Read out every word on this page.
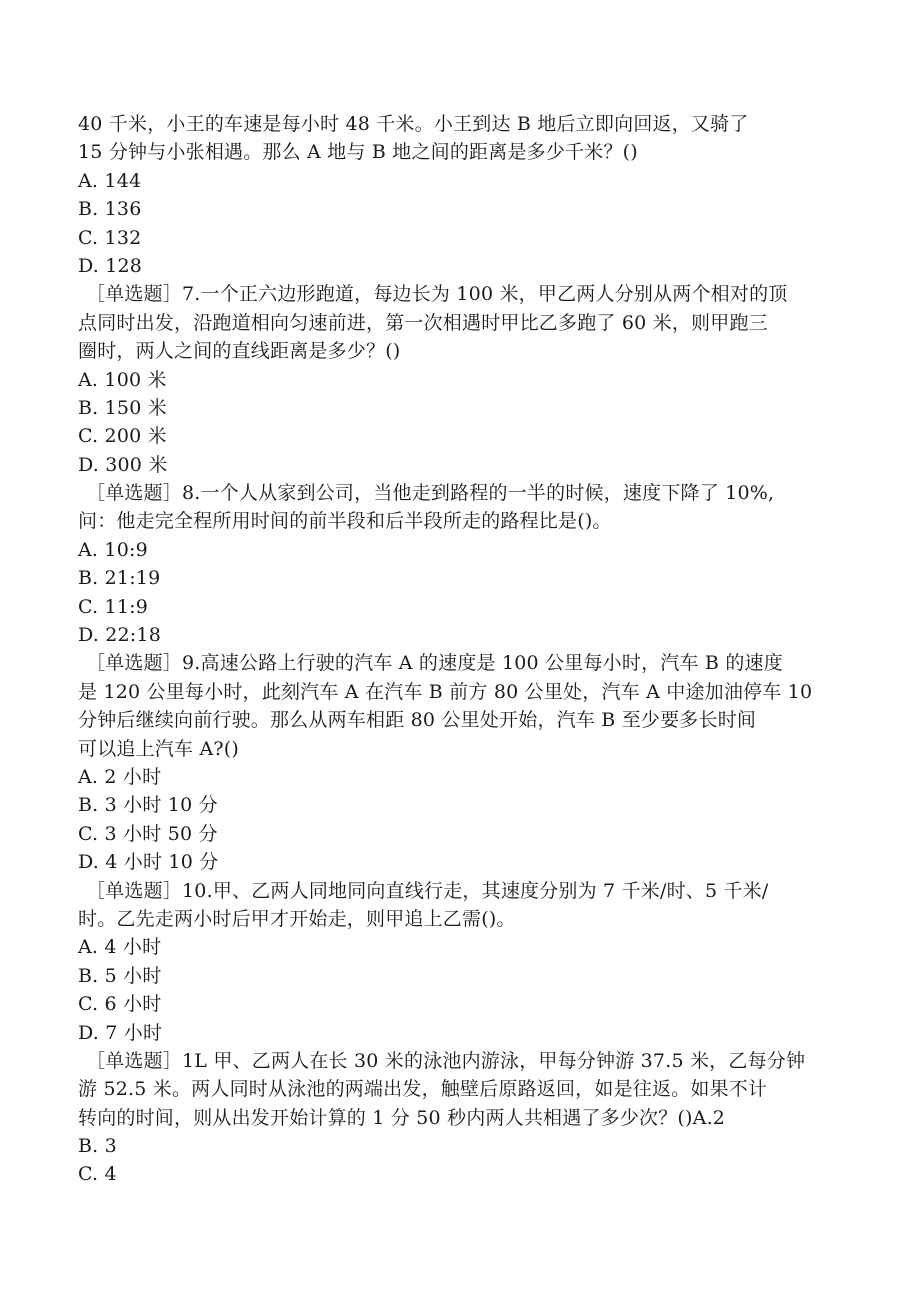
40 千米，小王的车速是每小时 48 千米。小王到达 B 地后立即向回返，又骑了
15 分钟与小张相遇。那么 A 地与 B 地之间的距离是多少千米？()
A. 144
B. 136
C. 132
D. 128
［单选题］7.一个正六边形跑道，每边长为 100 米，甲乙两人分别从两个相对的顶
点同时出发，沿跑道相向匀速前进，第一次相遇时甲比乙多跑了 60 米，则甲跑三
圈时，两人之间的直线距离是多少？()
A. 100 米
B. 150 米
C. 200 米
D. 300 米
［单选题］8.一个人从家到公司，当他走到路程的一半的时候，速度下降了 10%,
问：他走完全程所用时间的前半段和后半段所走的路程比是()。
A. 10:9
B. 21:19
C. 11:9
D. 22:18
［单选题］9.高速公路上行驶的汽车 A 的速度是 100 公里每小时，汽车 B 的速度
是 120 公里每小时，此刻汽车 A 在汽车 B 前方 80 公里处，汽车 A 中途加油停车 10
分钟后继续向前行驶。那么从两车相距 80 公里处开始，汽车 B 至少要多长时间
可以追上汽车 A?()
A. 2 小时
B. 3 小时 10 分
C. 3 小时 50 分
D. 4 小时 10 分
［单选题］10.甲、乙两人同地同向直线行走，其速度分别为 7 千米/时、5 千米/
时。乙先走两小时后甲才开始走，则甲追上乙需()。
A. 4 小时
B. 5 小时
C. 6 小时
D. 7 小时
［单选题］1L 甲、乙两人在长 30 米的泳池内游泳，甲每分钟游 37.5 米，乙每分钟
游 52.5 米。两人同时从泳池的两端出发，触壁后原路返回，如是往返。如果不计
转向的时间，则从出发开始计算的 1 分 50 秒内两人共相遇了多少次？()A.2
B. 3
C. 4
